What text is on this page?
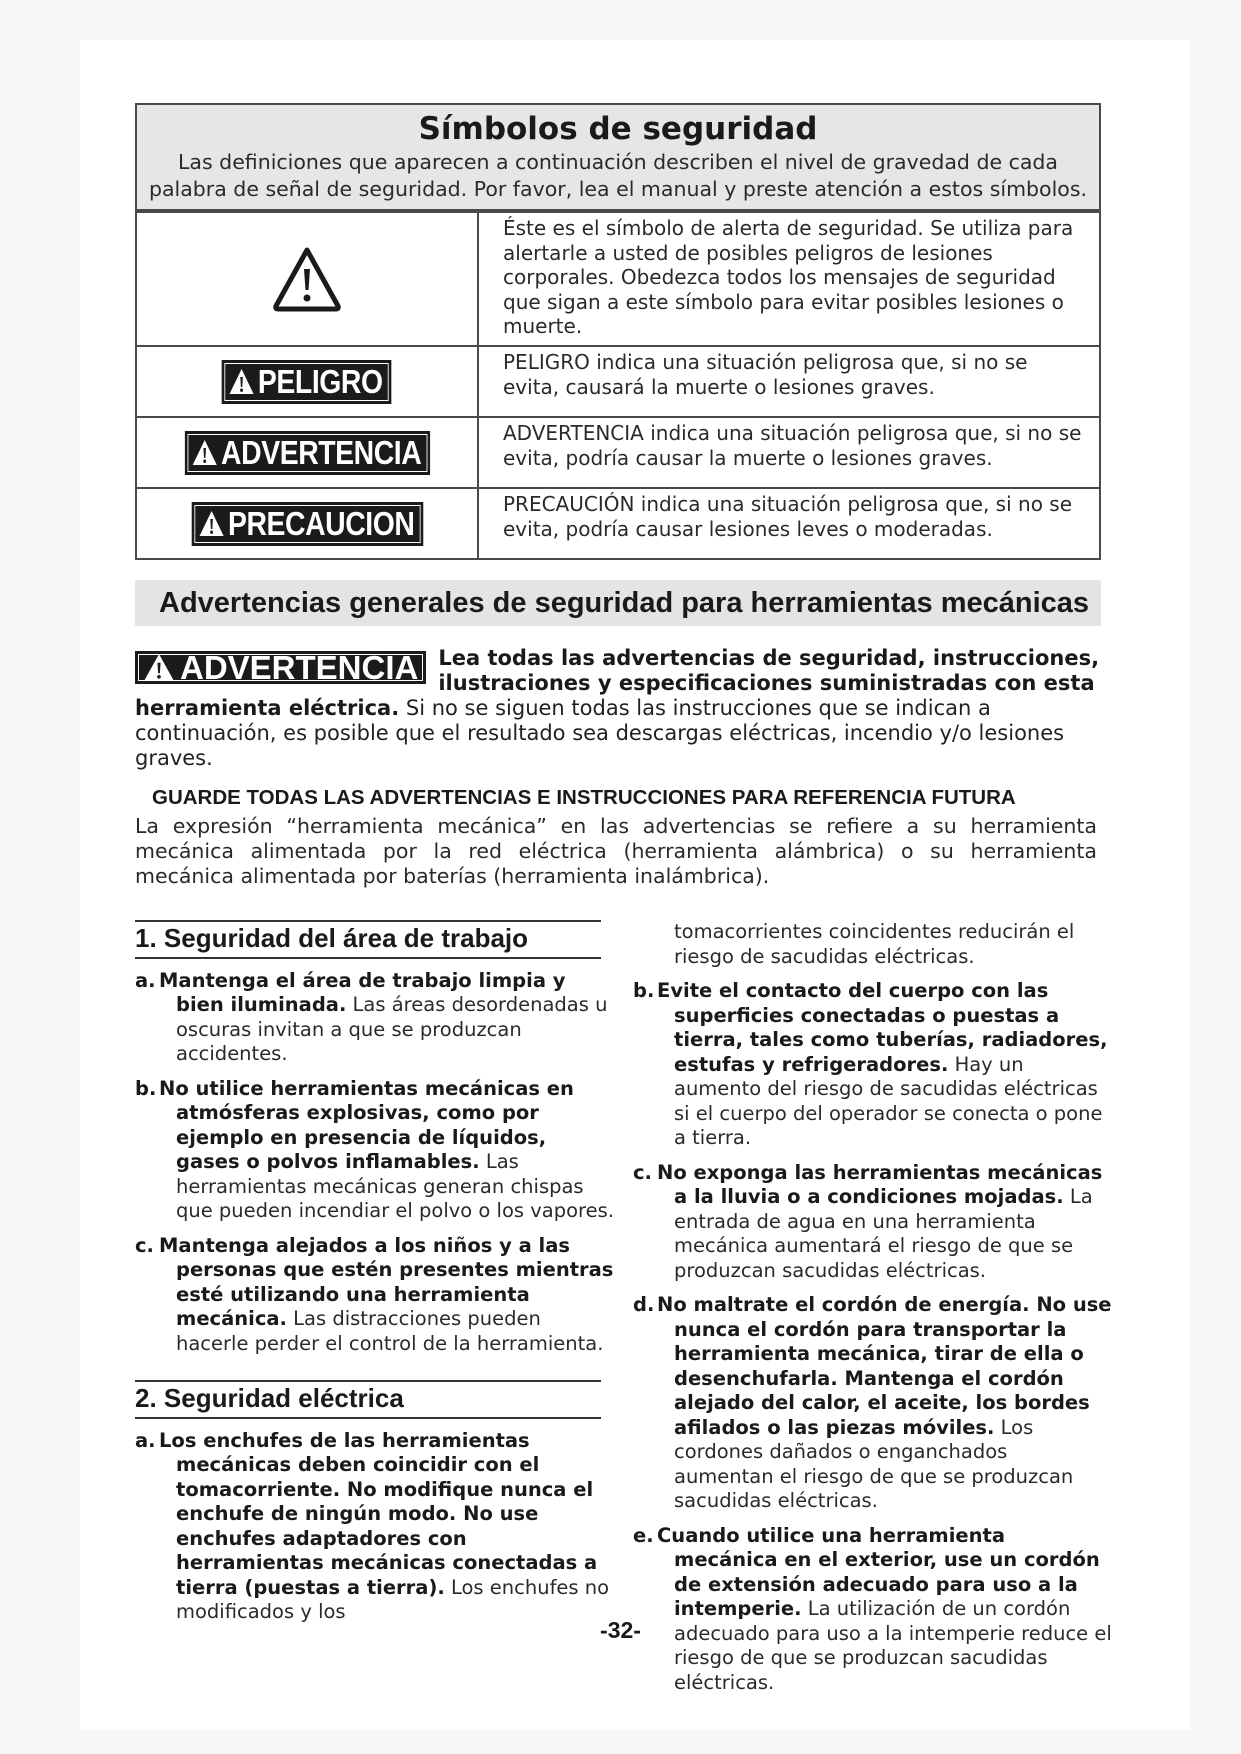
Símbolos de seguridad
Las definiciones que aparecen a continuación describen el nivel de gravedad de cada
palabra de señal de seguridad. Por favor, lea el manual y preste atención a estos símbolos.
Éste es el símbolo de alerta de seguridad. Se utiliza para alertarle a usted de posibles peligros de lesiones corporales. Obedezca todos los mensajes de seguridad que sigan a este símbolo para evitar posibles lesiones o muerte.
PELIGRO
PELIGRO indica una situación peligrosa que, si no se evita, causará la muerte o lesiones graves.
ADVERTENCIA
ADVERTENCIA indica una situación peligrosa que, si no se evita, podría causar la muerte o lesiones graves.
PRECAUCION
PRECAUCIÓN indica una situación peligrosa que, si no se evita, podría causar lesiones leves o moderadas.
Advertencias generales de seguridad para herramientas mecánicas
ADVERTENCIA Lea todas las advertencias de seguridad, instrucciones, ilustraciones y especificaciones suministradas con esta herramienta eléctrica. Si no se siguen todas las instrucciones que se indican a continuación, es posible que el resultado sea descargas eléctricas, incendio y/o lesiones graves.
GUARDE TODAS LAS ADVERTENCIAS E INSTRUCCIONES PARA REFERENCIA FUTURA
La expresión “herramienta mecánica” en las advertencias se refiere a su herramienta mecánica alimentada por la red eléctrica (herramienta alámbrica) o su herramienta mecánica alimentada por baterías (herramienta inalámbrica).
1. Seguridad del área de trabajo

a. Mantenga el área de trabajo limpia y bien iluminada. Las áreas desordenadas u oscuras invitan a que se produzcan accidentes.

b. No utilice herramientas mecánicas en atmósferas explosivas, como por ejemplo en presencia de líquidos, gases o polvos inflamables. Las herramientas mecánicas generan chispas que pueden incendiar el polvo o los vapores.

c. Mantenga alejados a los niños y a las personas que estén presentes mientras esté utilizando una herramienta mecánica. Las distracciones pueden hacerle perder el control de la herramienta.

2. Seguridad eléctrica

a. Los enchufes de las herramientas mecánicas deben coincidir con el tomacorriente. No modifique nunca el enchufe de ningún modo. No use enchufes adaptadores con herramientas mecánicas conectadas a tierra (puestas a tierra). Los enchufes no modificados y los

tomacorrientes coincidentes reducirán el riesgo de sacudidas eléctricas.

b. Evite el contacto del cuerpo con las superficies conectadas o puestas a tierra, tales como tuberías, radiadores, estufas y refrigeradores. Hay un aumento del riesgo de sacudidas eléctricas si el cuerpo del operador se conecta o pone a tierra.

c. No exponga las herramientas mecánicas a la lluvia o a condiciones mojadas. La entrada de agua en una herramienta mecánica aumentará el riesgo de que se produzcan sacudidas eléctricas.

d. No maltrate el cordón de energía. No use nunca el cordón para transportar la herramienta mecánica, tirar de ella o desenchufarla. Mantenga el cordón alejado del calor, el aceite, los bordes afilados o las piezas móviles. Los cordones dañados o enganchados aumentan el riesgo de que se produzcan sacudidas eléctricas.

e. Cuando utilice una herramienta mecánica en el exterior, use un cordón de extensión adecuado para uso a la intemperie. La utilización de un cordón adecuado para uso a la intemperie reduce el riesgo de que se produzcan sacudidas eléctricas.

-32-
